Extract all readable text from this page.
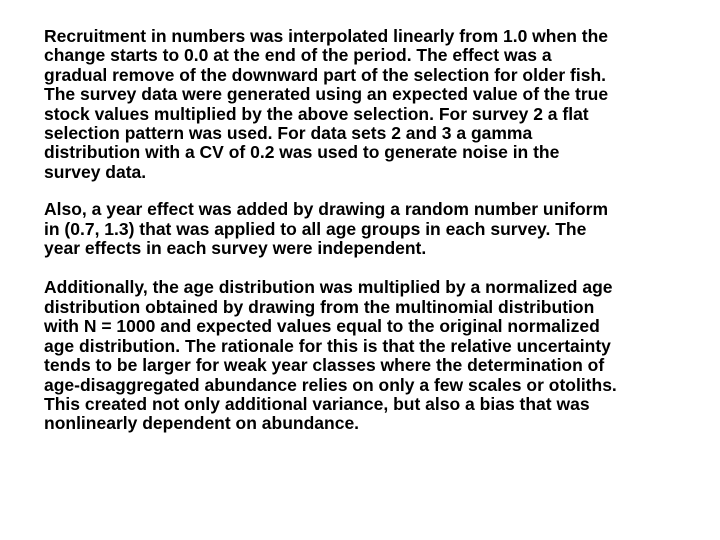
Recruitment in numbers was interpolated linearly from 1.0 when the
change starts to 0.0 at the end of the period. The effect was a
gradual remove of the downward part of the selection for older fish.
The survey data were generated using an expected value of the true
stock values multiplied by the above selection. For survey 2 a flat
selection pattern was used. For data sets 2 and 3 a gamma
distribution with a CV of 0.2 was used to generate noise in the
survey data.

Also, a year effect was added by drawing a random number uniform
in (0.7, 1.3) that was applied to all age groups in each survey. The
year effects in each survey were independent.

Additionally, the age distribution was multiplied by a normalized age
distribution obtained by drawing from the multinomial distribution
with N = 1000 and expected values equal to the original normalized
age distribution. The rationale for this is that the relative uncertainty
tends to be larger for weak year classes where the determination of
age-disaggregated abundance relies on only a few scales or otoliths.
This created not only additional variance, but also a bias that was
nonlinearly dependent on abundance.
